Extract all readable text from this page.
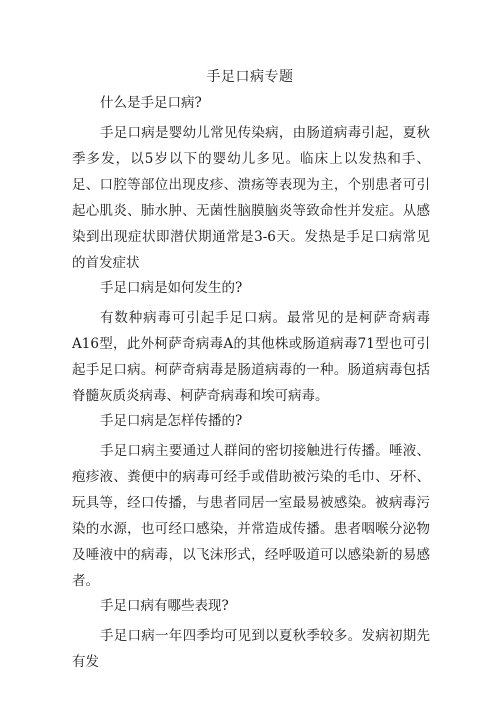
手足口病专题

什么是手足口病?

手足口病是婴幼儿常见传染病，由肠道病毒引起，夏秋季多发，以5岁以下的婴幼儿多见。临床上以发热和手、足、口腔等部位出现皮疹、溃疡等表现为主，个别患者可引起心肌炎、肺水肿、无菌性脑膜脑炎等致命性并发症。从感染到出现症状即潜伏期通常是3-6天。发热是手足口病常见的首发症状

手足口病是如何发生的?

有数种病毒可引起手足口病。最常见的是柯萨奇病毒A16型，此外柯萨奇病毒A的其他株或肠道病毒71型也可引起手足口病。柯萨奇病毒是肠道病毒的一种。肠道病毒包括脊髓灰质炎病毒、柯萨奇病毒和埃可病毒。

手足口病是怎样传播的?

手足口病主要通过人群间的密切接触进行传播。唾液、疱疹液、粪便中的病毒可经手或借助被污染的毛巾、牙杯、玩具等，经口传播，与患者同居一室最易被感染。被病毒污染的水源，也可经口感染，并常造成传播。患者咽喉分泌物及唾液中的病毒，以飞沫形式，经呼吸道可以感染新的易感者。

手足口病有哪些表现?

手足口病一年四季均可见到以夏秋季较多。发病初期先有发
